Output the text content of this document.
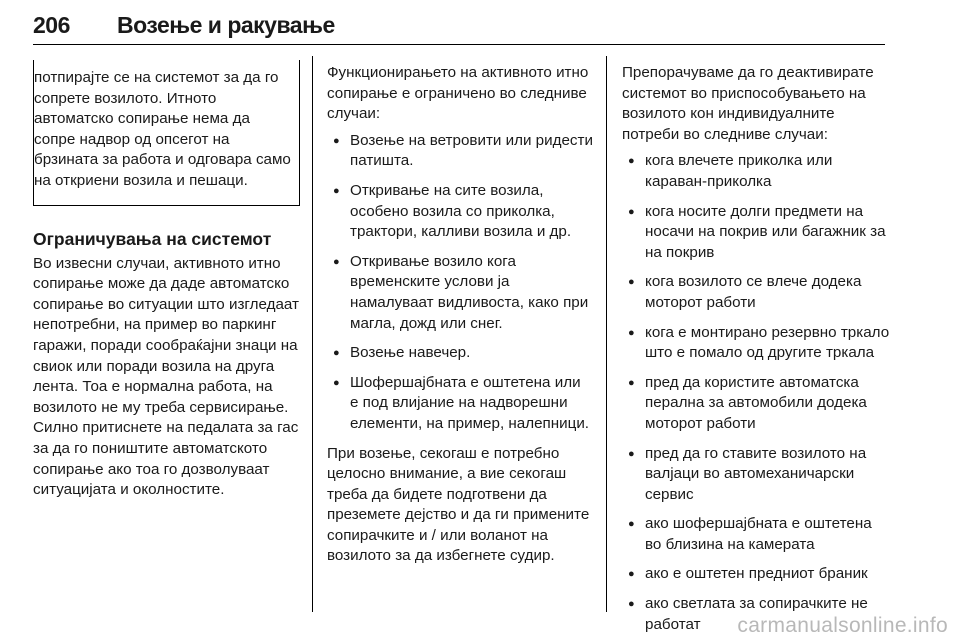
206 Возење и ракување

потпирајте се на системот за да го сопрете возилото. Итното автоматско сопирање нема да сопре надвор од опсегот на брзината за работа и одговара само на откриени возила и пешаци.

Ограничувања на системот

Во извесни случаи, активното итно сопирање може да даде автоматско сопирање во ситуации што изгледаат непотребни, на пример во паркинг гаражи, поради сообраќајни знаци на свиок или поради возила на друга лента. Тоа е нормална работа, на возилото не му треба сервисирање. Силно притиснете на педалата за гас за да го поништите автоматското сопирање ако тоа го дозволуваат ситуацијата и околностите.

Функционирањето на активното итно сопирање е ограничено во следниве случаи:

● Возење на ветровити или ридести патишта.
● Откривање на сите возила, особено возила со приколка, трактори, калливи возила и др.
● Откривање возило кога временските услови ја намалуваат видливоста, како при магла, дожд или снег.
● Возење навечер.
● Шофершајбната е оштетена или е под влијание на надворешни елементи, на пример, налепници.

При возење, секогаш е потребно целосно внимание, а вие секогаш треба да бидете подготвени да преземете дејство и да ги примените сопирачките и / или воланот на возилото за да избегнете судир.

Препорачуваме да го деактивирате системот во приспособувањето на возилото кон индивидуалните потреби во следниве случаи:

● кога влечете приколка или караван-приколка
● кога носите долги предмети на носачи на покрив или багажник за на покрив
● кога возилото се влече додека моторот работи
● кога е монтирано резервно тркало што е помало од другите тркала
● пред да користите автоматска перална за автомобили додека моторот работи
● пред да го ставите возилото на валјаци во автомеханичарски сервис
● ако шофершајбната е оштетена во близина на камерата
● ако е оштетен предниот браник
● ако светлата за сопирачките не работат	carmanualsonline.info
